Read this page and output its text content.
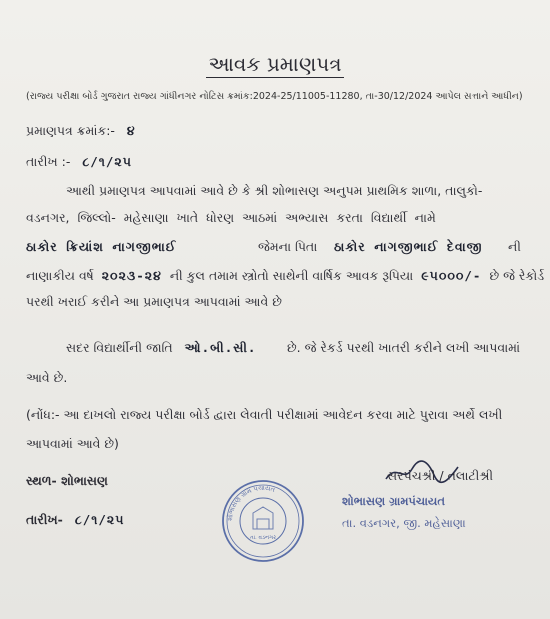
આવક પ્રમાણપત્ર
(રાજ્ય પરીક્ષા બોર્ડ ગુજરાત રાજ્ય ગાંધીનગર નોટિસ ક્રમાંક:2024-25/11005-11280, તા-30/12/2024 આપેલ સત્તાને આધીન)
પ્રમાણપત્ર ક્રમાંક:- ૪
તારીખ :- ૮/૧/૨૫
આથી પ્રમાણપત્ર આપવામાં આવે છે કે શ્રી શોભાસણ અનુપમ પ્રાથમિક શાળા, તાલુકો-
વડનગર, જિલ્લો- મહેસાણા ખાતે ધોરણ આઠમાં અભ્યાસ કરતા વિદ્યાર્થી નામે
ઠાકોર ક્રિયાંશ નાગજીભાઈ	જેમના પિતા ઠાકોર નાગજીભાઈ દેવાજી ની
નાણાકીય વર્ષ ૨૦૨૩-૨૪ ની કુલ તમામ સ્ત્રોતો સાથેની વાર્ષિક આવક રૂપિયા ૯૫૦૦૦/- છે જે રેકોર્ડ
પરથી ખરાઈ કરીને આ પ્રમાણપત્ર આપવામાં આવે છે
સદર વિદ્યાર્થીની જાતિ ઓ.બી.સી. છે. જે રેકર્ડ પરથી ખાતરી કરીને લખી આપવામાં
આવે છે.
(નોંધ:- આ દાખલો રાજ્ય પરીક્ષા બોર્ડ દ્વારા લેવાતી પરીક્ષામાં આવેદન કરવા માટે પુરાવા અર્થે લખી
આપવામાં આવે છે)
સ્થળ- શોભાસણ
તારીખ- ૮/૧/૨૫	શોભાસણ ગ્રામ પંચાયત
તા. વડનગર
સરપંચશ્રી / તલાટીશ્રી
શોભાસણ ગ્રામપંચાયત
તા. વડનગર, જી. મહેસાણા
